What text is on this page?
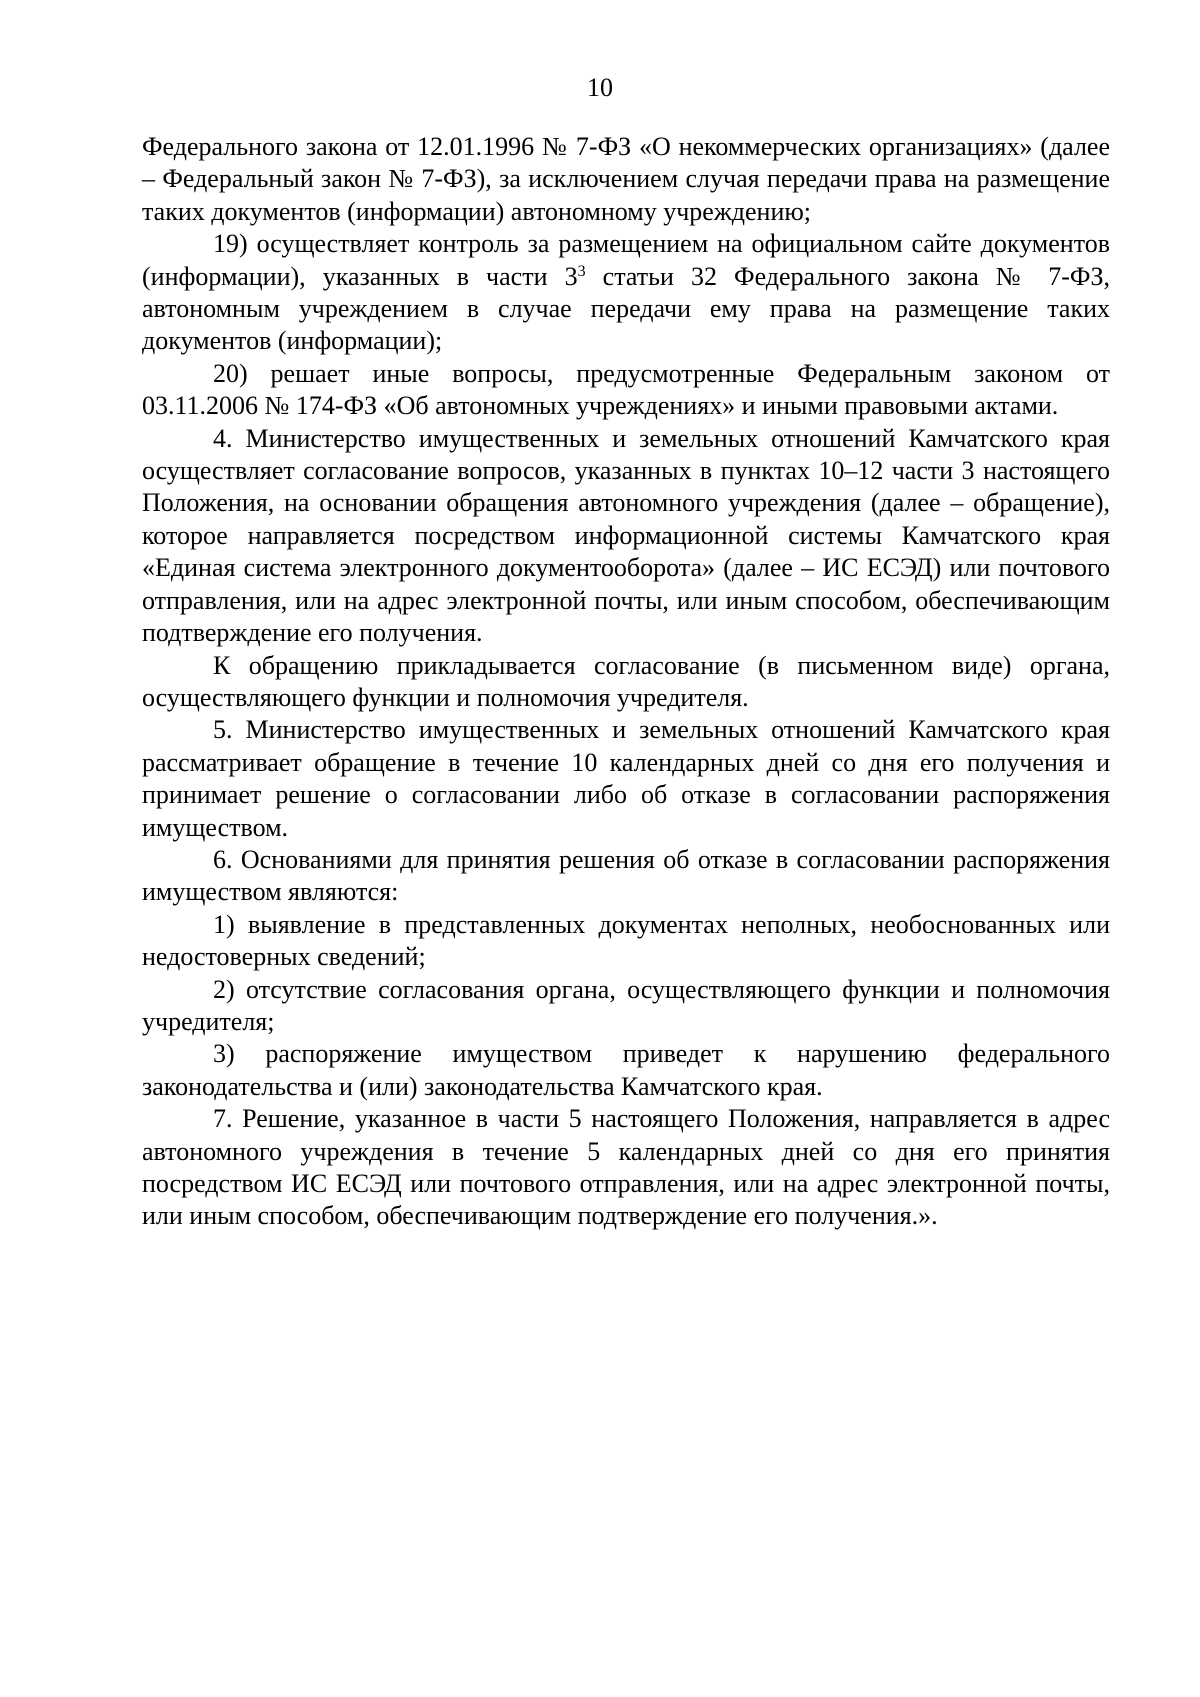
10

Федерального закона от 12.01.1996 № 7-ФЗ «О некоммерческих организациях» (далее – Федеральный закон № 7-ФЗ), за исключением случая передачи права на размещение таких документов (информации) автономному учреждению;

19) осуществляет контроль за размещением на официальном сайте документов (информации), указанных в части $3^3$ статьи 32 Федерального закона № 7-ФЗ, автономным учреждением в случае передачи ему права на размещение таких документов (информации);

20) решает иные вопросы, предусмотренные Федеральным законом от 03.11.2006 № 174-ФЗ «Об автономных учреждениях» и иными правовыми актами.

4. Министерство имущественных и земельных отношений Камчатского края осуществляет согласование вопросов, указанных в пунктах 10–12 части 3 настоящего Положения, на основании обращения автономного учреждения (далее – обращение), которое направляется посредством информационной системы Камчатского края «Единая система электронного документооборота» (далее – ИС ЕСЭД) или почтового отправления, или на адрес электронной почты, или иным способом, обеспечивающим подтверждение его получения.

К обращению прикладывается согласование (в письменном виде) органа, осуществляющего функции и полномочия учредителя.

5. Министерство имущественных и земельных отношений Камчатского края рассматривает обращение в течение 10 календарных дней со дня его получения и принимает решение о согласовании либо об отказе в согласовании распоряжения имуществом.

6. Основаниями для принятия решения об отказе в согласовании распоряжения имуществом являются:

1) выявление в представленных документах неполных, необоснованных или недостоверных сведений;

2) отсутствие согласования органа, осуществляющего функции и полномочия учредителя;

3) распоряжение имуществом приведет к нарушению федерального законодательства и (или) законодательства Камчатского края.

7. Решение, указанное в части 5 настоящего Положения, направляется в адрес автономного учреждения в течение 5 календарных дней со дня его принятия посредством ИС ЕСЭД или почтового отправления, или на адрес электронной почты, или иным способом, обеспечивающим подтверждение его получения.».
